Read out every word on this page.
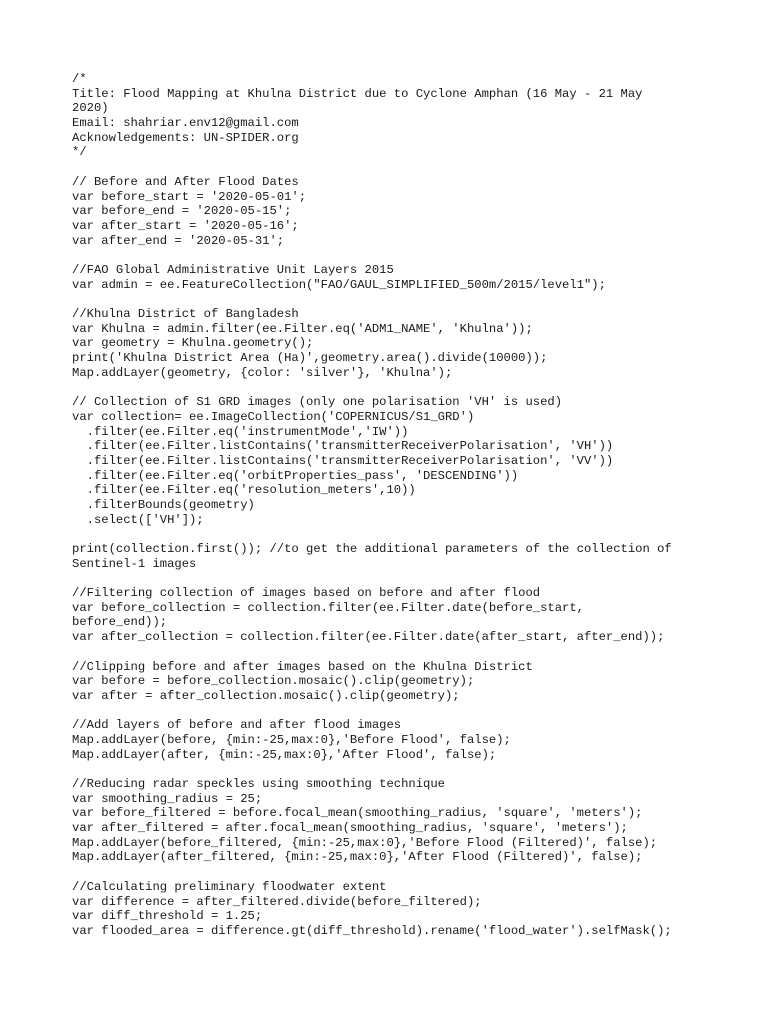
/*
Title: Flood Mapping at Khulna District due to Cyclone Amphan (16 May - 21 May
2020)
Email: shahriar.env12@gmail.com
Acknowledgements: UN-SPIDER.org
*/
// Before and After Flood Dates
var before_start = '2020-05-01';
var before_end = '2020-05-15';
var after_start = '2020-05-16';
var after_end = '2020-05-31';
//FAO Global Administrative Unit Layers 2015
var admin = ee.FeatureCollection("FAO/GAUL_SIMPLIFIED_500m/2015/level1");
//Khulna District of Bangladesh
var Khulna = admin.filter(ee.Filter.eq('ADM1_NAME', 'Khulna'));
var geometry = Khulna.geometry();
print('Khulna District Area (Ha)',geometry.area().divide(10000));
Map.addLayer(geometry, {color: 'silver'}, 'Khulna');
// Collection of S1 GRD images (only one polarisation 'VH' is used)
var collection= ee.ImageCollection('COPERNICUS/S1_GRD')
.filter(ee.Filter.eq('instrumentMode','IW'))
.filter(ee.Filter.listContains('transmitterReceiverPolarisation', 'VH'))
.filter(ee.Filter.listContains('transmitterReceiverPolarisation', 'VV'))
.filter(ee.Filter.eq('orbitProperties_pass', 'DESCENDING'))
.filter(ee.Filter.eq('resolution_meters',10))
.filterBounds(geometry)
.select(['VH']);
print(collection.first()); //to get the additional parameters of the collection of
Sentinel-1 images
//Filtering collection of images based on before and after flood
var before_collection = collection.filter(ee.Filter.date(before_start,
before_end));
var after_collection = collection.filter(ee.Filter.date(after_start, after_end));
//Clipping before and after images based on the Khulna District
var before = before_collection.mosaic().clip(geometry);
var after = after_collection.mosaic().clip(geometry);
//Add layers of before and after flood images
Map.addLayer(before, {min:-25,max:0},'Before Flood', false);
Map.addLayer(after, {min:-25,max:0},'After Flood', false);
//Reducing radar speckles using smoothing technique
var smoothing_radius = 25;
var before_filtered = before.focal_mean(smoothing_radius, 'square', 'meters');
var after_filtered = after.focal_mean(smoothing_radius, 'square', 'meters');
Map.addLayer(before_filtered, {min:-25,max:0},'Before Flood (Filtered)', false);
Map.addLayer(after_filtered, {min:-25,max:0},'After Flood (Filtered)', false);
//Calculating preliminary floodwater extent
var difference = after_filtered.divide(before_filtered);
var diff_threshold = 1.25;
var flooded_area = difference.gt(diff_threshold).rename('flood_water').selfMask();
